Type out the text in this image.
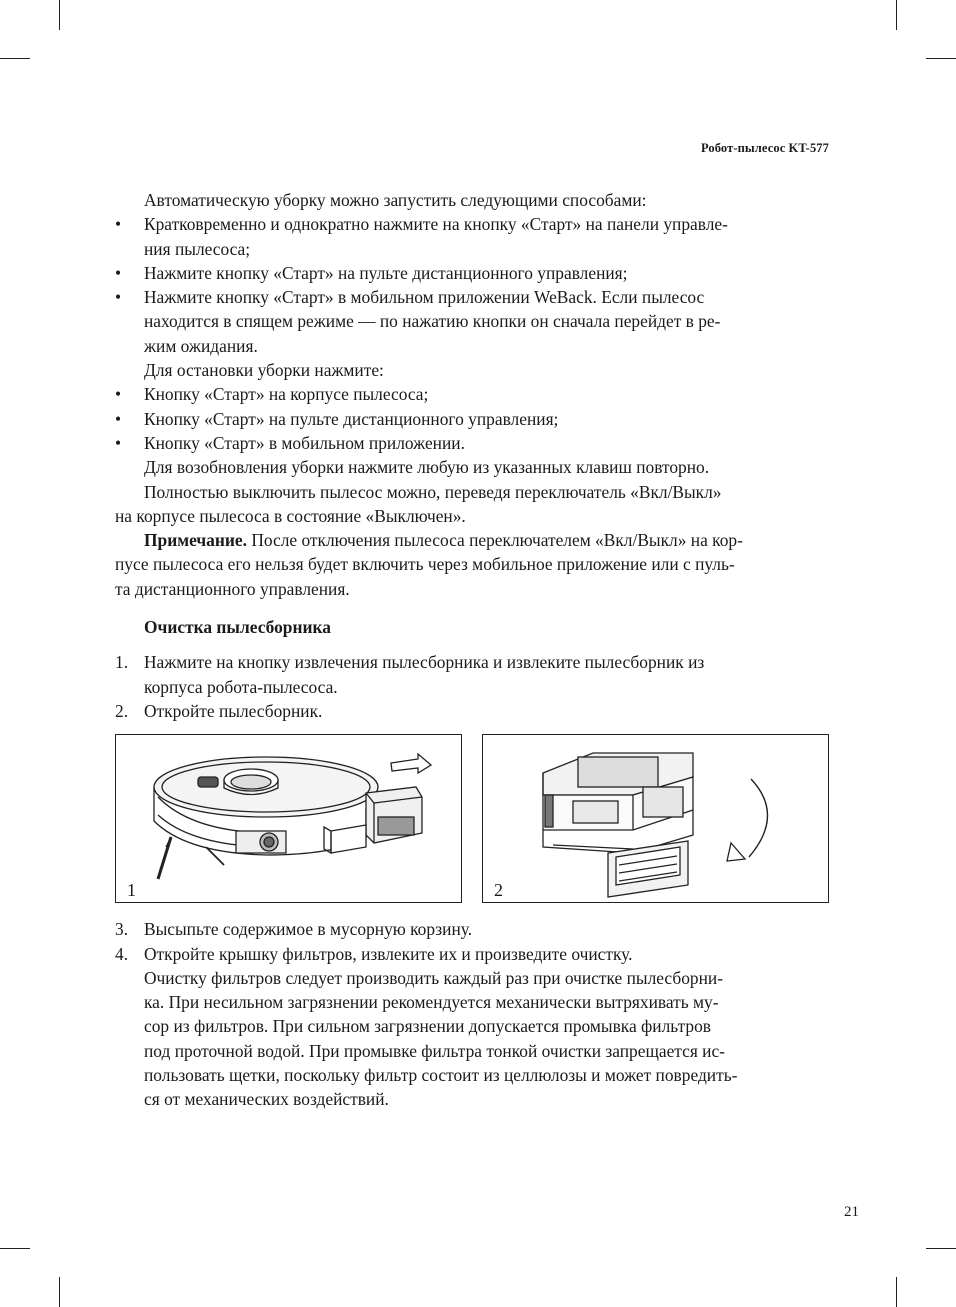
Робот-пылесос KT-577

Автоматическую уборку можно запустить следующими способами:

• Кратковременно и однократно нажмите на кнопку «Старт» на панели управле-
ния пылесоса;
• Нажмите кнопку «Старт» на пульте дистанционного управления;
• Нажмите кнопку «Старт» в мобильном приложении WeBack. Если пылесос
находится в спящем режиме — по нажатию кнопки он сначала перейдет в ре-
жим ожидания.

Для остановки уборки нажмите:

• Кнопку «Старт» на корпусе пылесоса;
• Кнопку «Старт» на пульте дистанционного управления;
• Кнопку «Старт» в мобильном приложении.

Для возобновления уборки нажмите любую из указанных клавиш повторно.

Полностью выключить пылесос можно, переведя переключатель «Вкл/Выкл»

на корпусе пылесоса в состояние «Выключен».

Примечание. После отключения пылесоса переключателем «Вкл/Выкл» на кор-

пусе пылесоса его нельзя будет включить через мобильное приложение или с пуль-

та дистанционного управления.

Очистка пылесборника

1. Нажмите на кнопку извлечения пылесборника и извлеките пылесборник из
корпуса робота-пылесоса.
2. Откройте пылесборник.
1	2
3. Высыпьте содержимое в мусорную корзину.
4. Откройте крышку фильтров, извлеките их и произведите очистку.
Очистку фильтров следует производить каждый раз при очистке пылесборни-
ка. При несильном загрязнении рекомендуется механически вытряхивать му-
сор из фильтров. При сильном загрязнении допускается промывка фильтров
под проточной водой. При промывке фильтра тонкой очистки запрещается ис-
пользовать щетки, поскольку фильтр состоит из целлюлозы и может повредить-
ся от механических воздействий.
21
